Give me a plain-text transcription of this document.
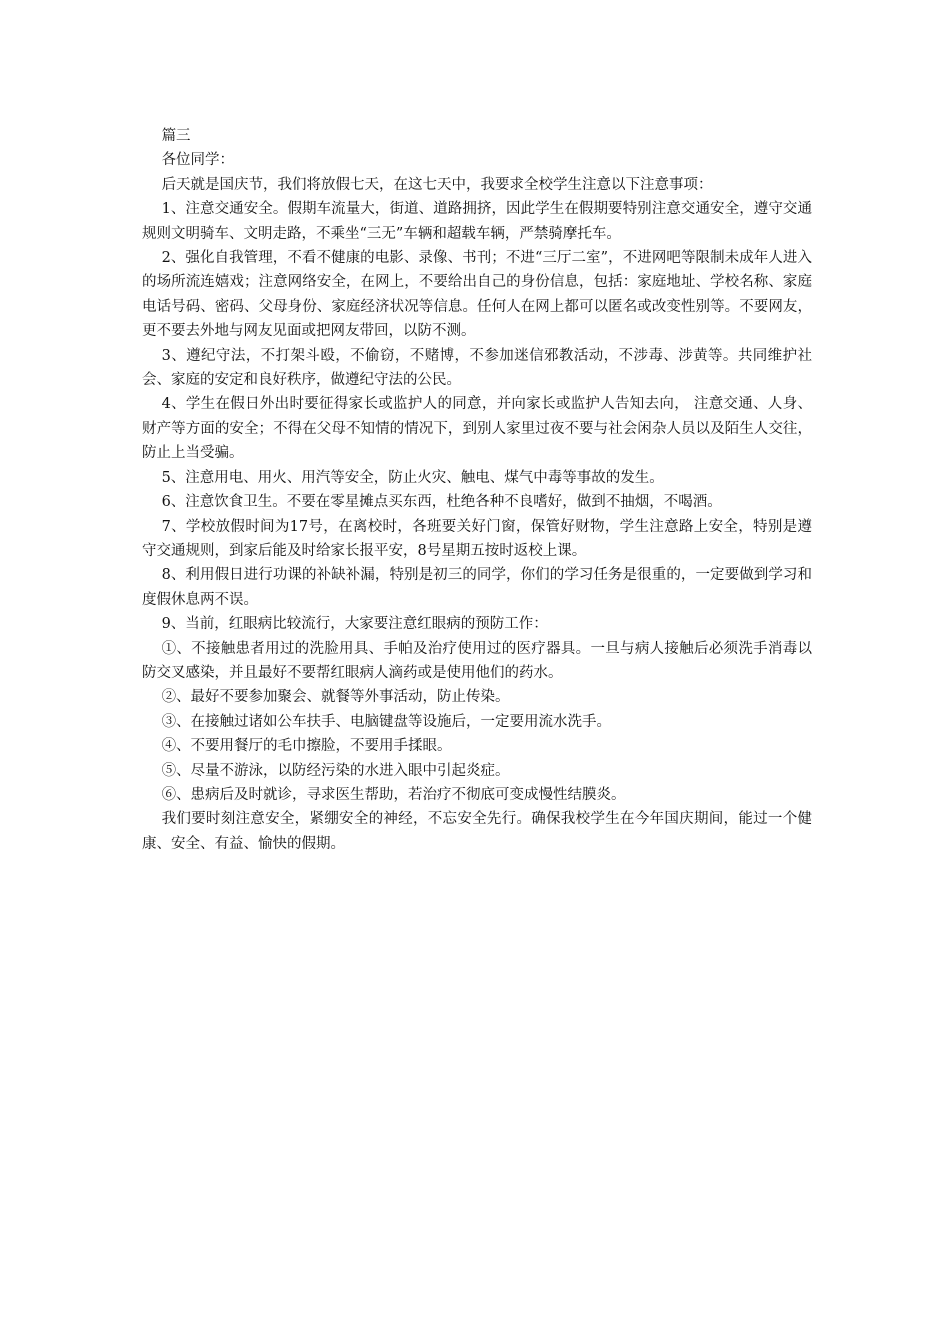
篇三

各位同学：

后天就是国庆节，我们将放假七天，在这七天中，我要求全校学生注意以下注意事项：

1、注意交通安全。假期车流量大，街道、道路拥挤，因此学生在假期要特别注意交通安全，遵守交通规则文明骑车、文明走路，不乘坐“三无”车辆和超载车辆，严禁骑摩托车。

2、强化自我管理，不看不健康的电影、录像、书刊；不进“三厅二室”，不进网吧等限制未成年人进入的场所流连嬉戏；注意网络安全，在网上，不要给出自己的身份信息，包括：家庭地址、学校名称、家庭电话号码、密码、父母身份、家庭经济状况等信息。任何人在网上都可以匿名或改变性别等。不要网友，更不要去外地与网友见面或把网友带回，以防不测。

3、遵纪守法，不打架斗殴，不偷窃，不赌博，不参加迷信邪教活动，不涉毒、涉黄等。共同维护社会、家庭的安定和良好秩序，做遵纪守法的公民。

4、学生在假日外出时要征得家长或监护人的同意，并向家长或监护人告知去向， 注意交通、人身、财产等方面的安全；不得在父母不知情的情况下，到别人家里过夜不要与社会闲杂人员以及陌生人交往，防止上当受骗。

5、注意用电、用火、用汽等安全，防止火灾、触电、煤气中毒等事故的发生。

6、注意饮食卫生。不要在零星摊点买东西，杜绝各种不良嗜好，做到不抽烟，不喝酒。

7、学校放假时间为17号，在离校时，各班要关好门窗，保管好财物，学生注意路上安全，特别是遵守交通规则，到家后能及时给家长报平安，8号星期五按时返校上课。

8、利用假日进行功课的补缺补漏，特别是初三的同学，你们的学习任务是很重的，一定要做到学习和度假休息两不误。

9、当前，红眼病比较流行，大家要注意红眼病的预防工作：

①、不接触患者用过的洗脸用具、手帕及治疗使用过的医疗器具。一旦与病人接触后必须洗手消毒以防交叉感染，并且最好不要帮红眼病人滴药或是使用他们的药水。

②、最好不要参加聚会、就餐等外事活动，防止传染。

③、在接触过诸如公车扶手、电脑键盘等设施后，一定要用流水洗手。

④、不要用餐厅的毛巾擦脸，不要用手揉眼。

⑤、尽量不游泳，以防经污染的水进入眼中引起炎症。

⑥、患病后及时就诊，寻求医生帮助，若治疗不彻底可变成慢性结膜炎。

我们要时刻注意安全，紧绷安全的神经，不忘安全先行。确保我校学生在今年国庆期间，能过一个健康、安全、有益、愉快的假期。
